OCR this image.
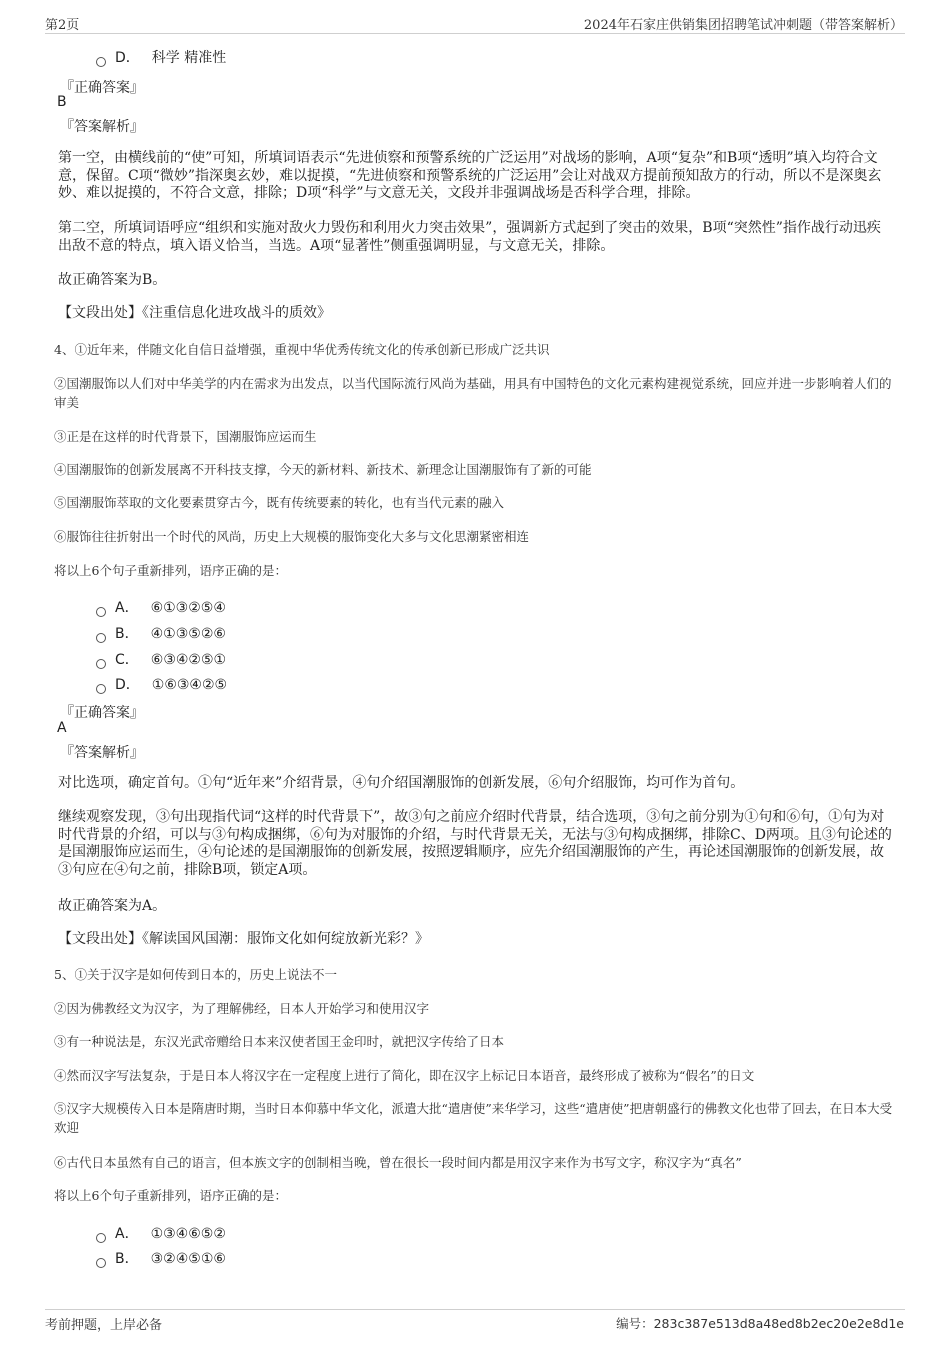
第2页	2024年石家庄供销集团招聘笔试冲刺题（带答案解析）
D． 科学 精准性
『正确答案』
B
『答案解析』
第一空，由横线前的“使”可知，所填词语表示“先进侦察和预警系统的广泛运用”对战场的影响，A项“复杂”和B项“透明”填入均符合文意，保留。C项“微妙”指深奥玄妙，难以捉摸，“先进侦察和预警系统的广泛运用”会让对战双方提前预知敌方的行动，所以不是深奥玄妙、难以捉摸的，不符合文意，排除；D项“科学”与文意无关，文段并非强调战场是否科学合理，排除。
第二空，所填词语呼应“组织和实施对敌火力毁伤和利用火力突击效果”，强调新方式起到了突击的效果，B项“突然性”指作战行动迅疾出敌不意的特点，填入语义恰当，当选。A项“显著性”侧重强调明显，与文意无关，排除。
故正确答案为B。
【文段出处】《注重信息化进攻战斗的质效》
4、①近年来，伴随文化自信日益增强，重视中华优秀传统文化的传承创新已形成广泛共识
②国潮服饰以人们对中华美学的内在需求为出发点，以当代国际流行风尚为基础，用具有中国特色的文化元素构建视觉系统，回应并进一步影响着人们的审美
③正是在这样的时代背景下，国潮服饰应运而生
④国潮服饰的创新发展离不开科技支撑，今天的新材料、新技术、新理念让国潮服饰有了新的可能
⑤国潮服饰萃取的文化要素贯穿古今，既有传统要素的转化，也有当代元素的融入
⑥服饰往往折射出一个时代的风尚，历史上大规模的服饰变化大多与文化思潮紧密相连
将以上6个句子重新排列，语序正确的是：
A． ⑥①③②⑤④
B． ④①③⑤②⑥
C． ⑥③④②⑤①
D． ①⑥③④②⑤
『正确答案』
A
『答案解析』
对比选项，确定首句。①句“近年来”介绍背景，④句介绍国潮服饰的创新发展，⑥句介绍服饰，均可作为首句。
继续观察发现，③句出现指代词“这样的时代背景下”，故③句之前应介绍时代背景，结合选项，③句之前分别为①句和⑥句，①句为对时代背景的介绍，可以与③句构成捆绑，⑥句为对服饰的介绍，与时代背景无关，无法与③句构成捆绑，排除C、D两项。且③句论述的是国潮服饰应运而生，④句论述的是国潮服饰的创新发展，按照逻辑顺序，应先介绍国潮服饰的产生，再论述国潮服饰的创新发展，故③句应在④句之前，排除B项，锁定A项。
故正确答案为A。
【文段出处】《解读国风国潮：服饰文化如何绽放新光彩？》
5、①关于汉字是如何传到日本的，历史上说法不一
②因为佛教经文为汉字，为了理解佛经，日本人开始学习和使用汉字
③有一种说法是，东汉光武帝赠给日本来汉使者国王金印时，就把汉字传给了日本
④然而汉字写法复杂，于是日本人将汉字在一定程度上进行了简化，即在汉字上标记日本语音，最终形成了被称为“假名”的日文
⑤汉字大规模传入日本是隋唐时期，当时日本仰慕中华文化，派遣大批“遣唐使”来华学习，这些“遣唐使”把唐朝盛行的佛教文化也带了回去，在日本大受欢迎
⑥古代日本虽然有自己的语言，但本族文字的创制相当晚，曾在很长一段时间内都是用汉字来作为书写文字，称汉字为“真名”
将以上6个句子重新排列，语序正确的是：
A． ①③④⑥⑤②
B． ③②④⑤①⑥
考前押题，上岸必备	编号：283c387e513d8a48ed8b2ec20e2e8d1e
